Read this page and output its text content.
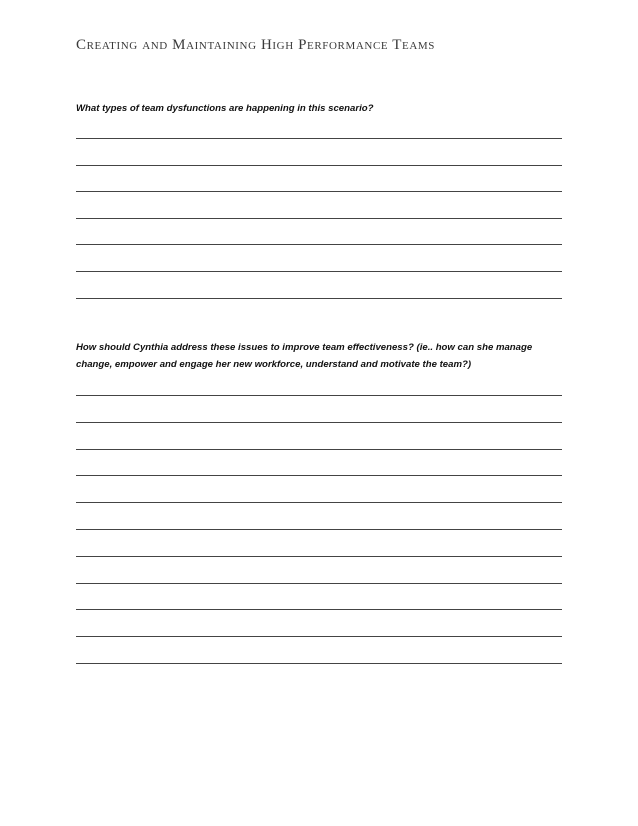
Creating and Maintaining High Performance Teams
What types of team dysfunctions are happening in this scenario?
How should Cynthia address these issues to improve team effectiveness? (ie.. how can she manage change, empower and engage her new workforce, understand and motivate the team?)
